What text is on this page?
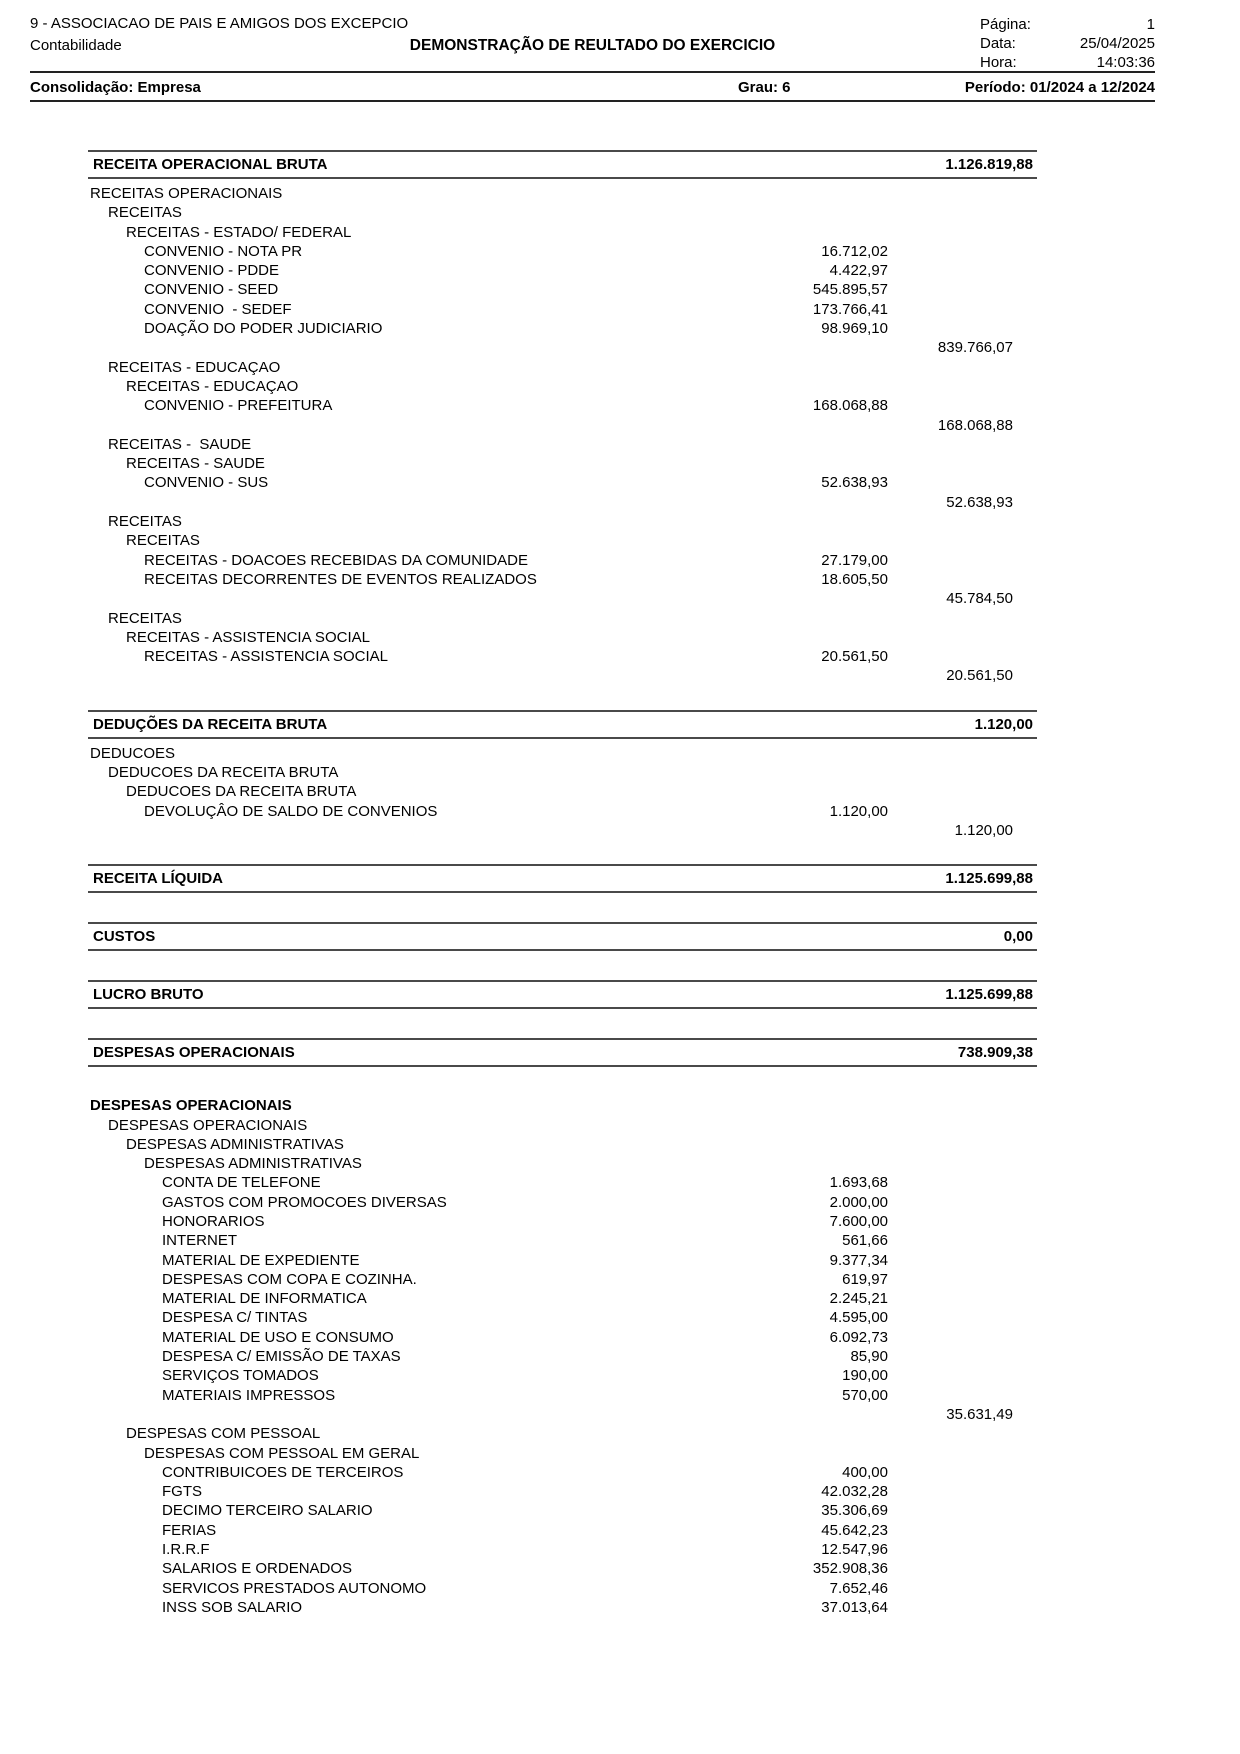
9 - ASSOCIACAO DE PAIS E AMIGOS DOS EXCEPCIO
Contabilidade	DEMONSTRAÇÃO DE REULTADO DO EXERCICIO
Página:	1
Data:	25/04/2025
Hora:	14:03:36
Consolidação: Empresa	Grau: 6	Período: 01/2024 a 12/2024
RECEITA OPERACIONAL BRUTA	1.126.819,88
RECEITAS OPERACIONAIS
RECEITAS
RECEITAS - ESTADO/ FEDERAL
CONVENIO - NOTA PR	16.712,02
CONVENIO - PDDE	4.422,97
CONVENIO - SEED	545.895,57
CONVENIO  - SEDEF	173.766,41
DOAÇÃO DO PODER JUDICIARIO	98.969,10
839.766,07
RECEITAS - EDUCAÇAO
RECEITAS - EDUCAÇAO
CONVENIO - PREFEITURA	168.068,88
168.068,88
RECEITAS -  SAUDE
RECEITAS - SAUDE
CONVENIO - SUS	52.638,93
52.638,93
RECEITAS
RECEITAS
RECEITAS - DOACOES RECEBIDAS DA COMUNIDADE	27.179,00
RECEITAS DECORRENTES DE EVENTOS REALIZADOS	18.605,50
45.784,50
RECEITAS
RECEITAS - ASSISTENCIA SOCIAL
RECEITAS - ASSISTENCIA SOCIAL	20.561,50
20.561,50
DEDUÇÕES DA RECEITA BRUTA	1.120,00
DEDUCOES
DEDUCOES DA RECEITA BRUTA
DEDUCOES DA RECEITA BRUTA
DEVOLUÇÂO DE SALDO DE CONVENIOS	1.120,00
1.120,00
RECEITA LÍQUIDA	1.125.699,88
CUSTOS	0,00
LUCRO BRUTO	1.125.699,88
DESPESAS OPERACIONAIS	738.909,38
DESPESAS OPERACIONAIS
DESPESAS OPERACIONAIS
DESPESAS ADMINISTRATIVAS
DESPESAS ADMINISTRATIVAS
CONTA DE TELEFONE	1.693,68
GASTOS COM PROMOCOES DIVERSAS	2.000,00
HONORARIOS	7.600,00
INTERNET	561,66
MATERIAL DE EXPEDIENTE	9.377,34
DESPESAS COM COPA E COZINHA.	619,97
MATERIAL DE INFORMATICA	2.245,21
DESPESA C/ TINTAS	4.595,00
MATERIAL DE USO E CONSUMO	6.092,73
DESPESA C/ EMISSÃO DE TAXAS	85,90
SERVIÇOS TOMADOS	190,00
MATERIAIS IMPRESSOS	570,00
35.631,49
DESPESAS COM PESSOAL
DESPESAS COM PESSOAL EM GERAL
CONTRIBUICOES DE TERCEIROS	400,00
FGTS	42.032,28
DECIMO TERCEIRO SALARIO	35.306,69
FERIAS	45.642,23
I.R.R.F	12.547,96
SALARIOS E ORDENADOS	352.908,36
SERVICOS PRESTADOS AUTONOMO	7.652,46
INSS SOB SALARIO	37.013,64
